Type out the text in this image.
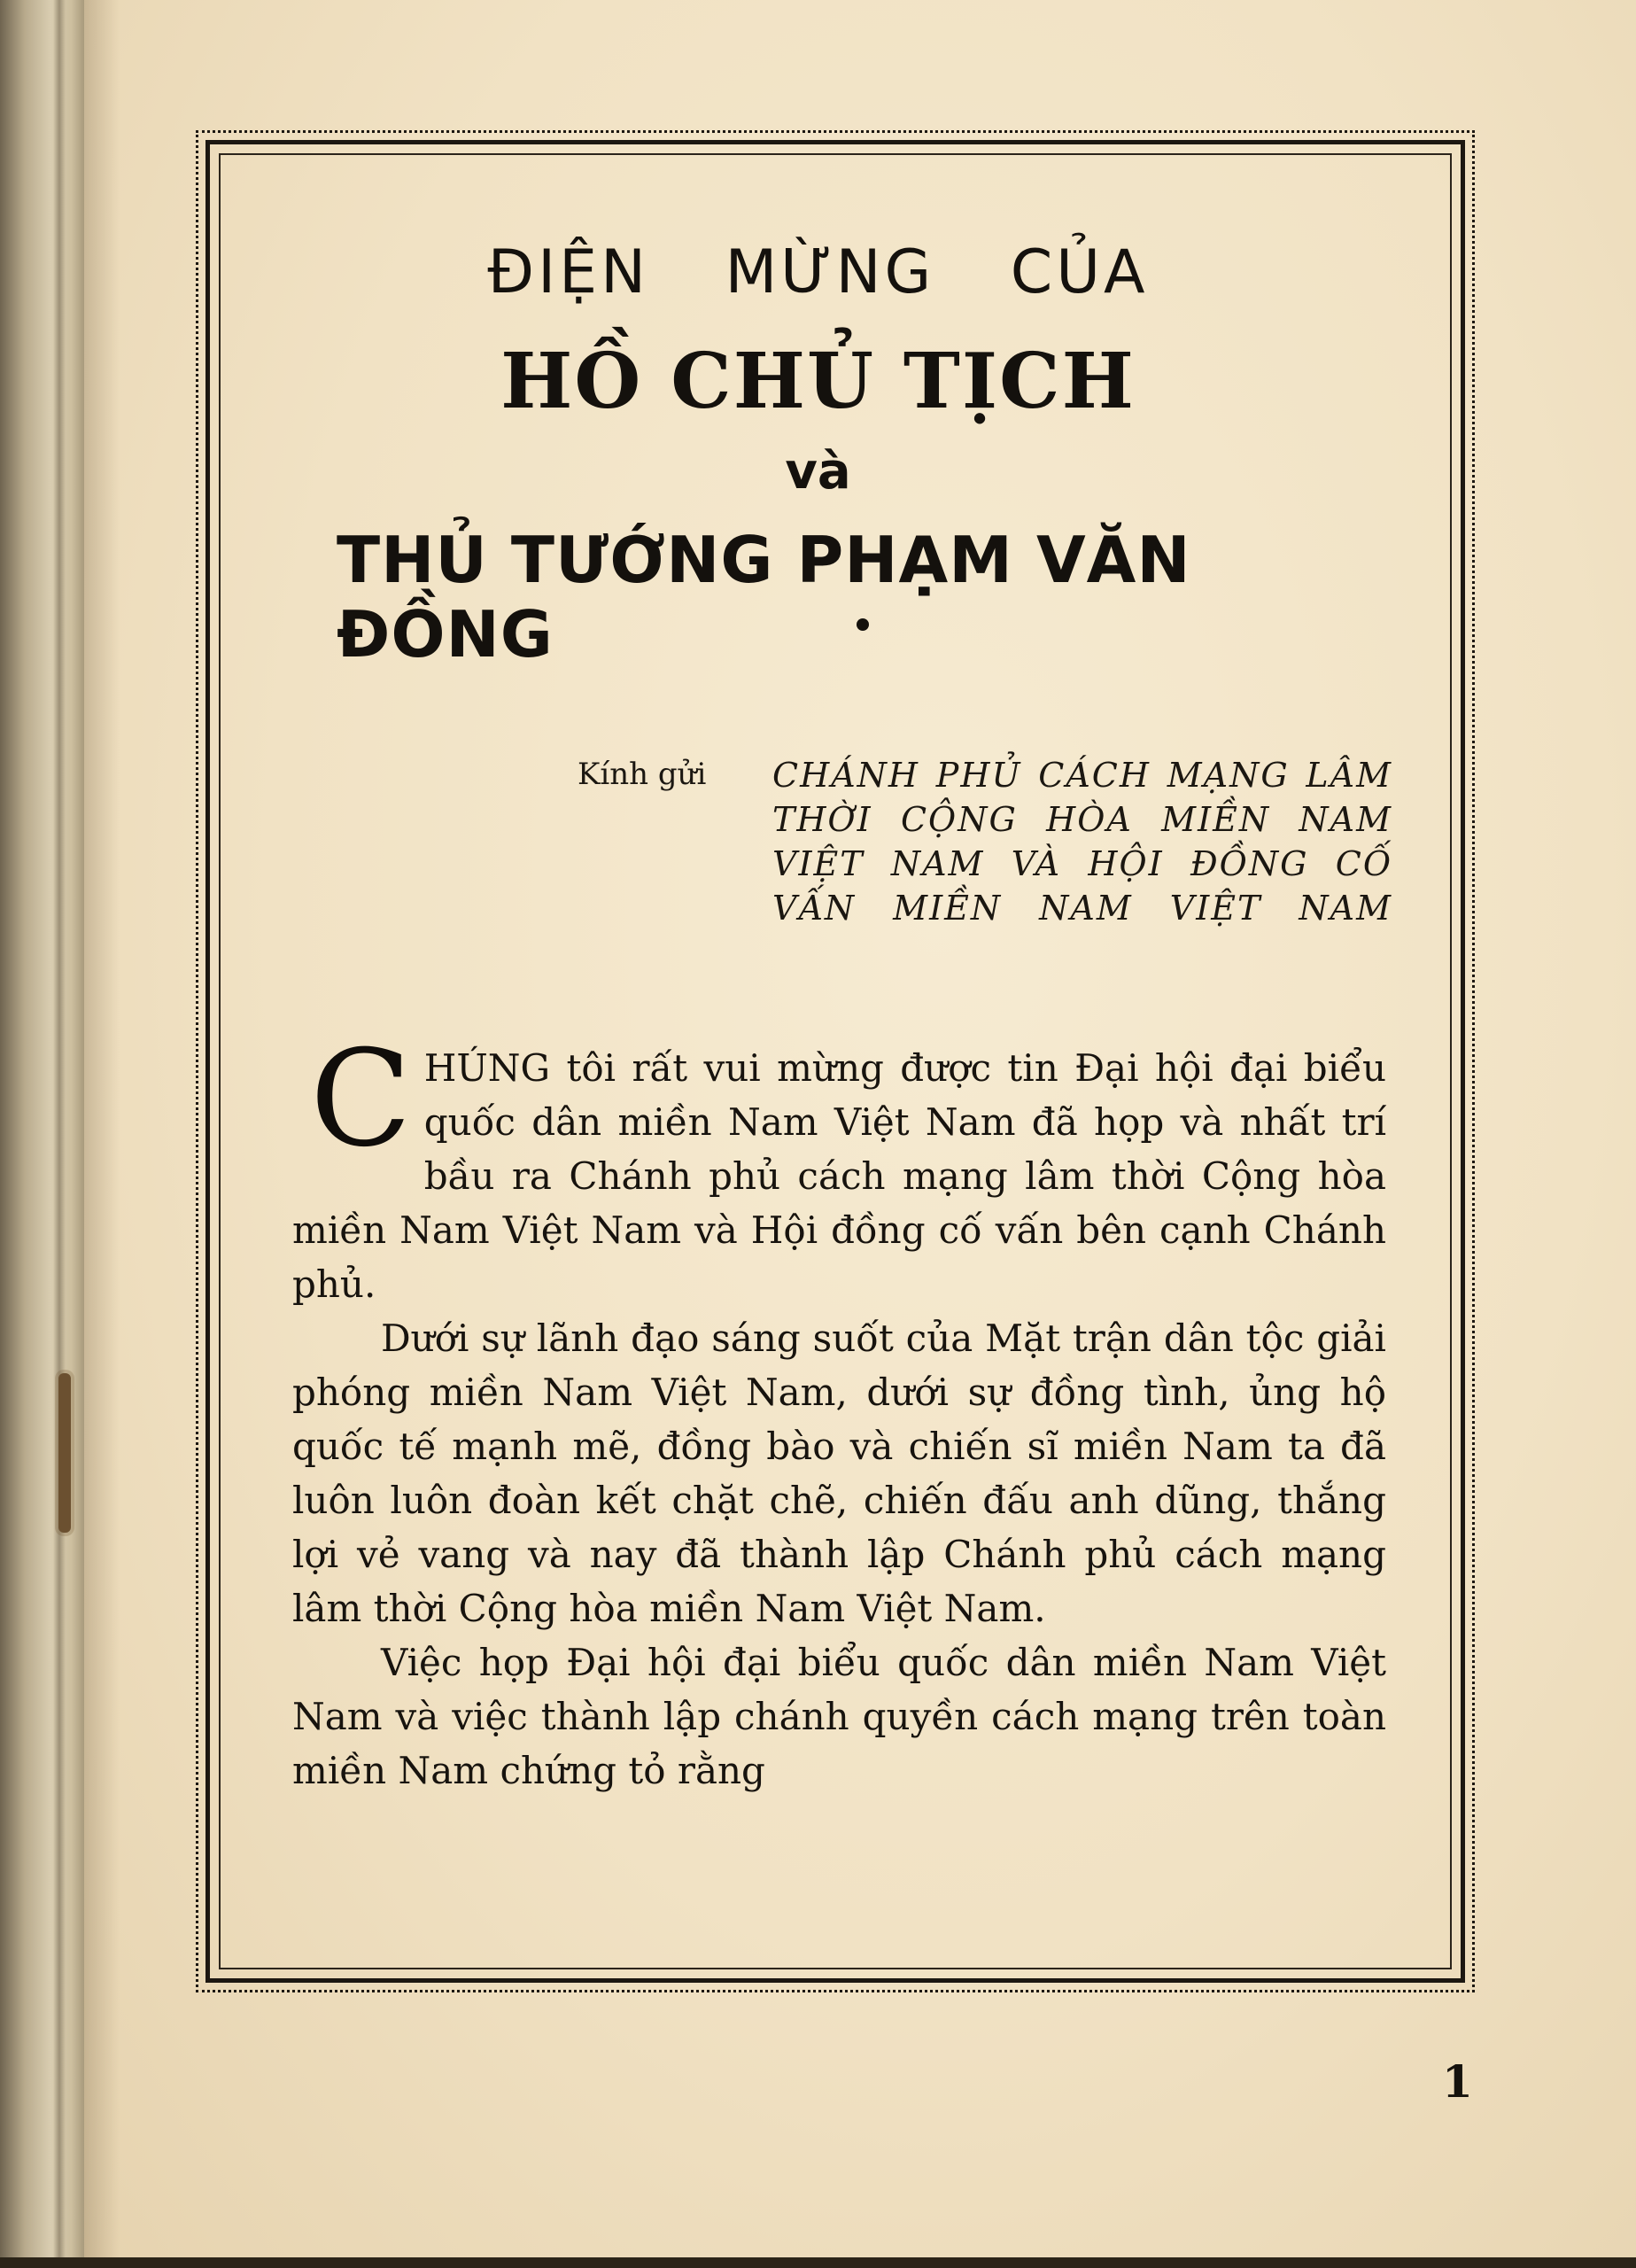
ĐIỆN MỪNG CỦA
HỒ CHỦ TỊCH
và
THỦ TƯỚNG PHẠM VĂN ĐỒNG
Kính gửi CHÁNH PHỦ CÁCH MẠNG LÂM THỜI CỘNG HÒA MIỀN NAM VIỆT NAM VÀ HỘI ĐỒNG CỐ VẤN MIỀN NAM VIỆT NAM
C HÚNG tôi rất vui mừng được tin Đại hội đại biểu quốc dân miền Nam Việt Nam đã họp và nhất trí bầu ra Chánh phủ cách mạng lâm thời Cộng hòa miền Nam Việt Nam và Hội đồng cố vấn bên cạnh Chánh phủ.

Dưới sự lãnh đạo sáng suốt của Mặt trận dân tộc giải phóng miền Nam Việt Nam, dưới sự đồng tình, ủng hộ quốc tế mạnh mẽ, đồng bào và chiến sĩ miền Nam ta đã luôn luôn đoàn kết chặt chẽ, chiến đấu anh dũng, thắng lợi vẻ vang và nay đã thành lập Chánh phủ cách mạng lâm thời Cộng hòa miền Nam Việt Nam.

Việc họp Đại hội đại biểu quốc dân miền Nam Việt Nam và việc thành lập chánh quyền cách mạng trên toàn miền Nam chứng tỏ rằng

1
